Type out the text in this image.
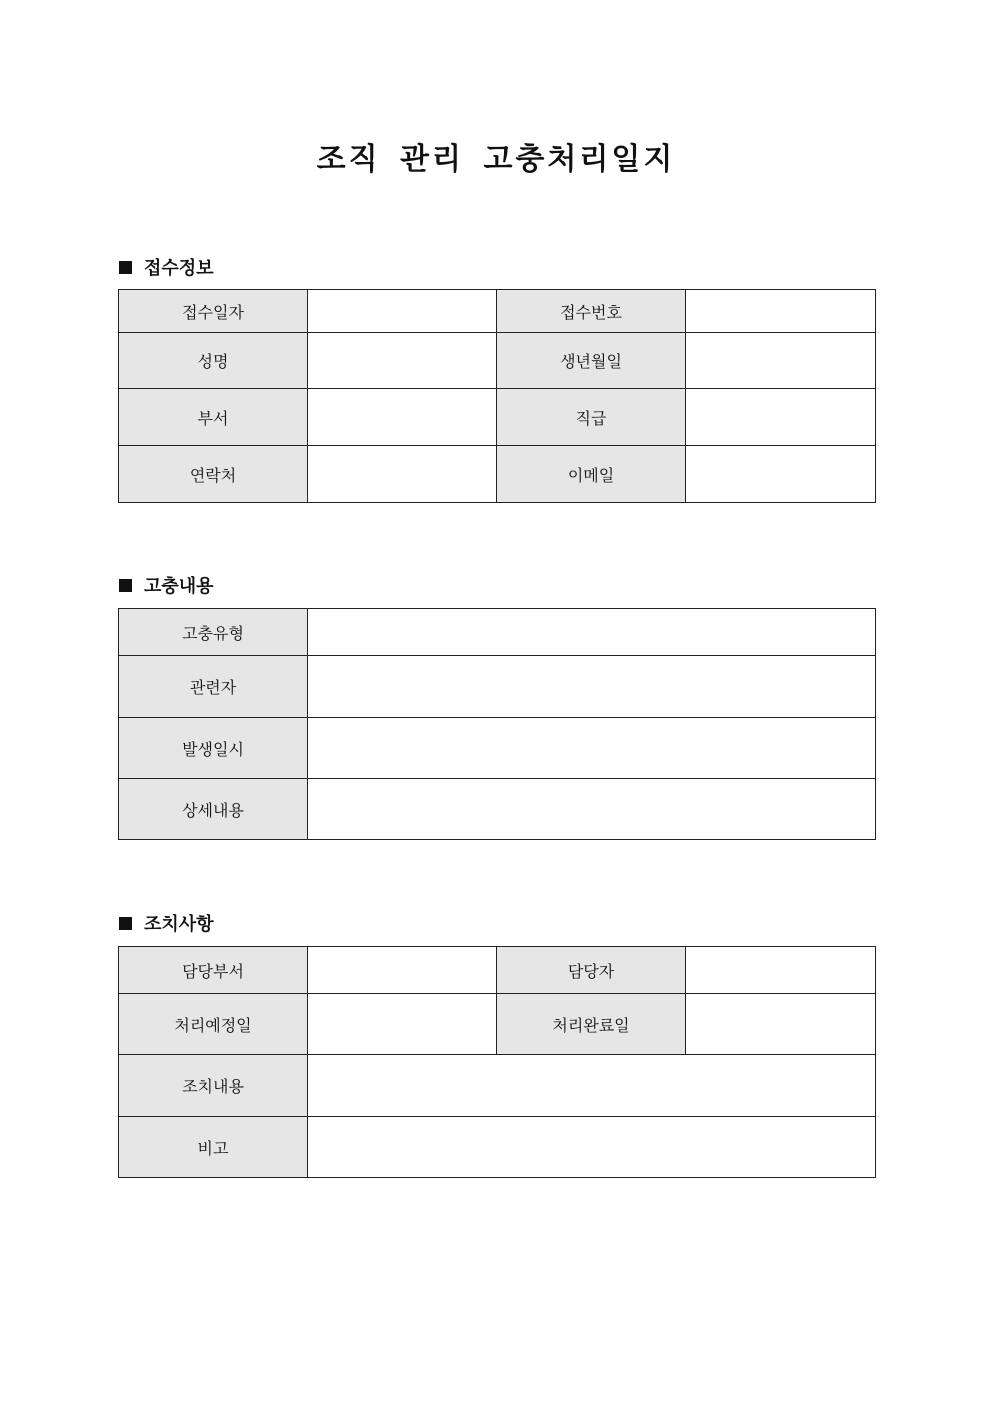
조직 관리 고충처리일지
접수정보
접수일자		접수번호	
성명		생년월일	
부서		직급	
연락처		이메일	
고충내용
고충유형	
관련자	
발생일시	
상세내용	
조치사항
담당부서		담당자	
처리예정일		처리완료일	
조치내용			
비고			
